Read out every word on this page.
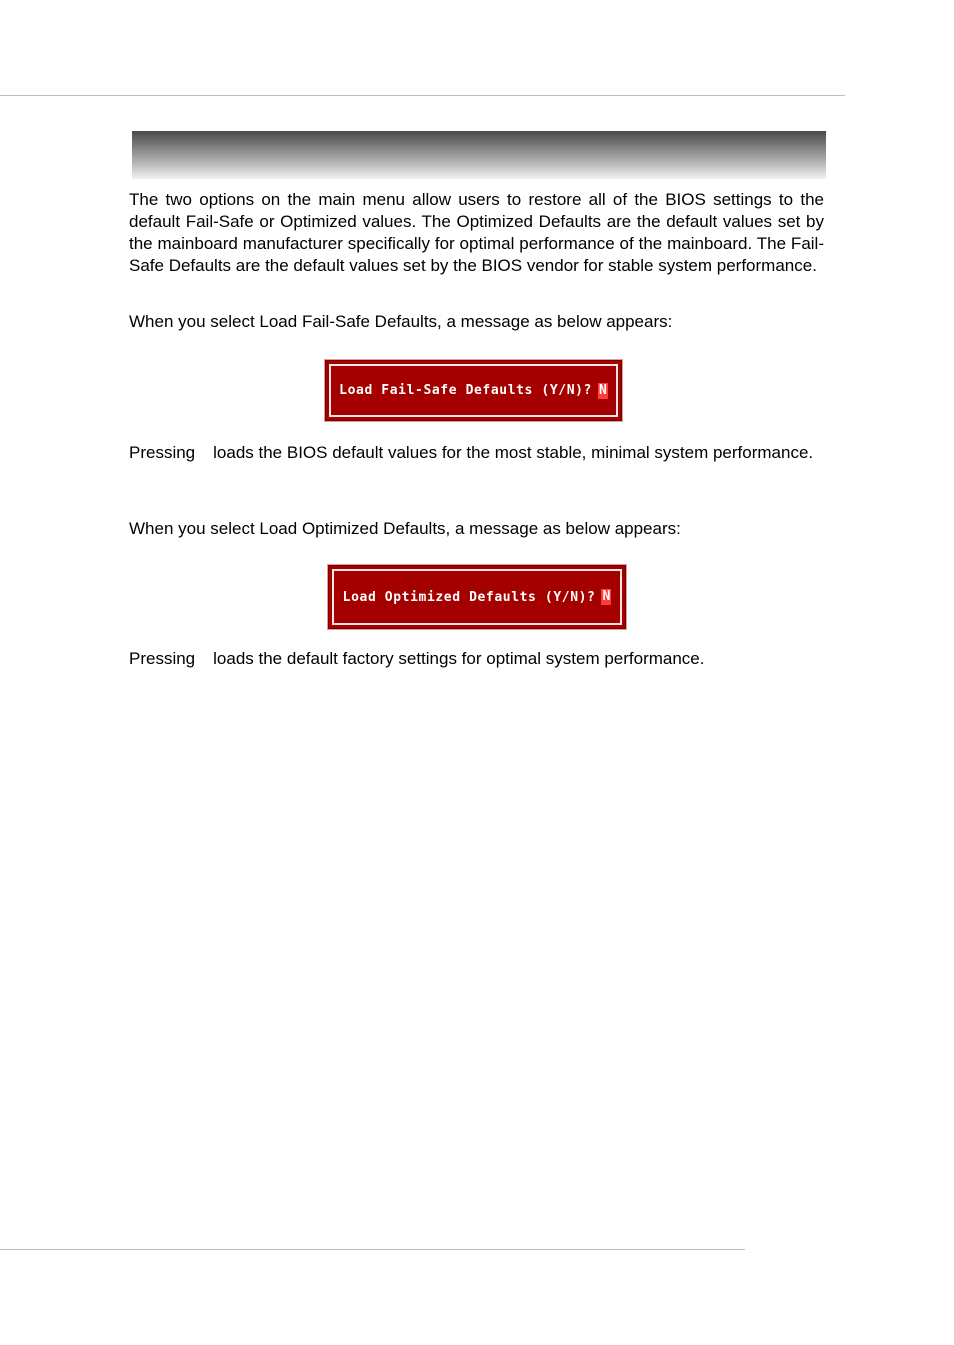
The two options on the main menu allow users to restore all of the BIOS settings to the default Fail-Safe or Optimized values. The Optimized Defaults are the default values set by the mainboard manufacturer specifically for optimal performance of the mainboard. The Fail-Safe Defaults are the default values set by the BIOS vendor for stable system performance.

When you select Load Fail-Safe Defaults, a message as below appears:

Load Fail-Safe Defaults (Y/N)? N

Pressing loads the BIOS default values for the most stable, minimal system performance.

When you select Load Optimized Defaults, a message as below appears:

Load Optimized Defaults (Y/N)? N

Pressing loads the default factory settings for optimal system performance.
